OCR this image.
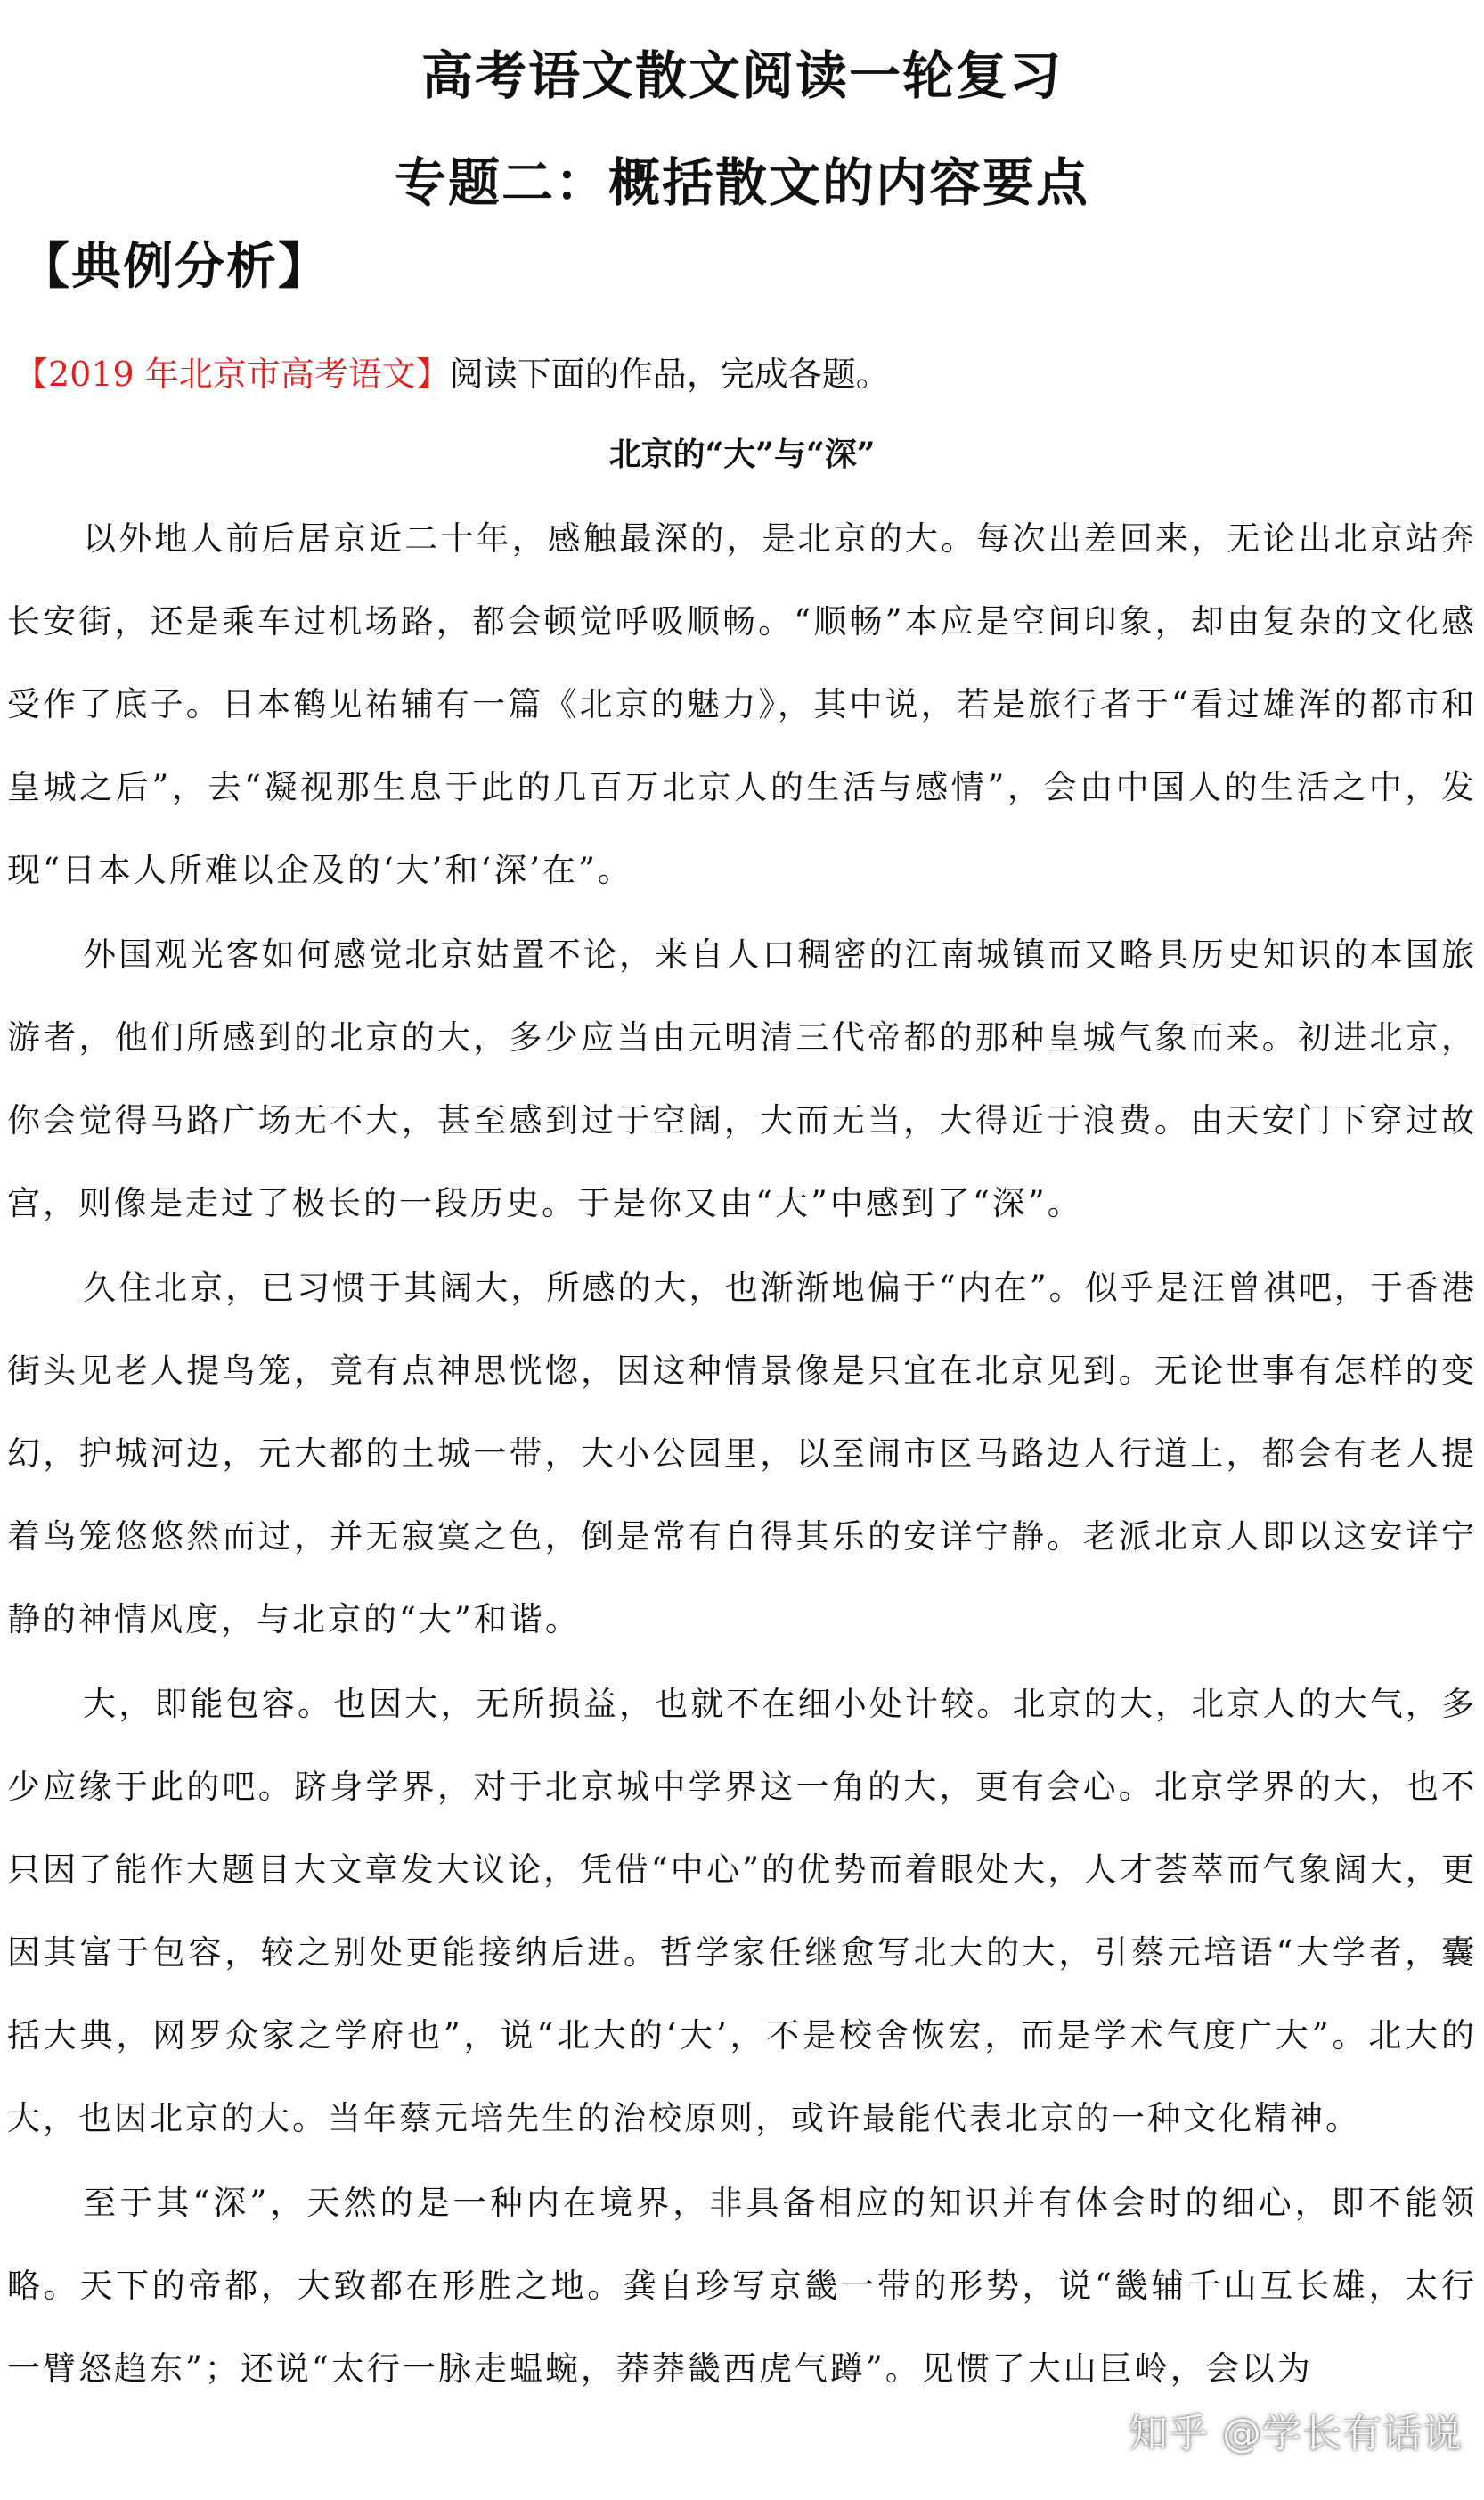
高考语文散文阅读一轮复习
专题二：概括散文的内容要点
【典例分析】
【2019 年北京市高考语文】阅读下面的作品，完成各题。
北京的“大”与“深”

以外地人前后居京近二十年，感触最深的，是北京的大。每次出差回来，无论出北京站奔长安街，还是乘车过机场路，都会顿觉呼吸顺畅。“顺畅”本应是空间印象，却由复杂的文化感受作了底子。日本鹤见祐辅有一篇《北京的魅力》，其中说，若是旅行者于“看过雄浑的都市和皇城之后”，去“凝视那生息于此的几百万北京人的生活与感情”，会由中国人的生活之中，发现“日本人所难以企及的‘大’和‘深’在”。

外国观光客如何感觉北京姑置不论，来自人口稠密的江南城镇而又略具历史知识的本国旅游者，他们所感到的北京的大，多少应当由元明清三代帝都的那种皇城气象而来。初进北京，你会觉得马路广场无不大，甚至感到过于空阔，大而无当，大得近于浪费。由天安门下穿过故宫，则像是走过了极长的一段历史。于是你又由“大”中感到了“深”。

久住北京，已习惯于其阔大，所感的大，也渐渐地偏于“内在”。似乎是汪曾祺吧，于香港街头见老人提鸟笼，竟有点神思恍惚，因这种情景像是只宜在北京见到。无论世事有怎样的变幻，护城河边，元大都的土城一带，大小公园里，以至闹市区马路边人行道上，都会有老人提着鸟笼悠悠然而过，并无寂寞之色，倒是常有自得其乐的安详宁静。老派北京人即以这安详宁静的神情风度，与北京的“大”和谐。

大，即能包容。也因大，无所损益，也就不在细小处计较。北京的大，北京人的大气，多少应缘于此的吧。跻身学界，对于北京城中学界这一角的大，更有会心。北京学界的大，也不只因了能作大题目大文章发大议论，凭借“中心”的优势而着眼处大，人才荟萃而气象阔大，更因其富于包容，较之别处更能接纳后进。哲学家任继愈写北大的大，引蔡元培语“大学者，囊括大典，网罗众家之学府也”，说“北大的‘大’，不是校舍恢宏，而是学术气度广大”。北大的大，也因北京的大。当年蔡元培先生的治校原则，或许最能代表北京的一种文化精神。

至于其“深”，天然的是一种内在境界，非具备相应的知识并有体会时的细心，即不能领略。天下的帝都，大致都在形胜之地。龚自珍写京畿一带的形势，说“畿辅千山互长雄，太行一臂怒趋东”；还说“太行一脉走蝹蜿，莽莽畿西虎气蹲”。见惯了大山巨岭，会以为

知乎 @学长有话说
